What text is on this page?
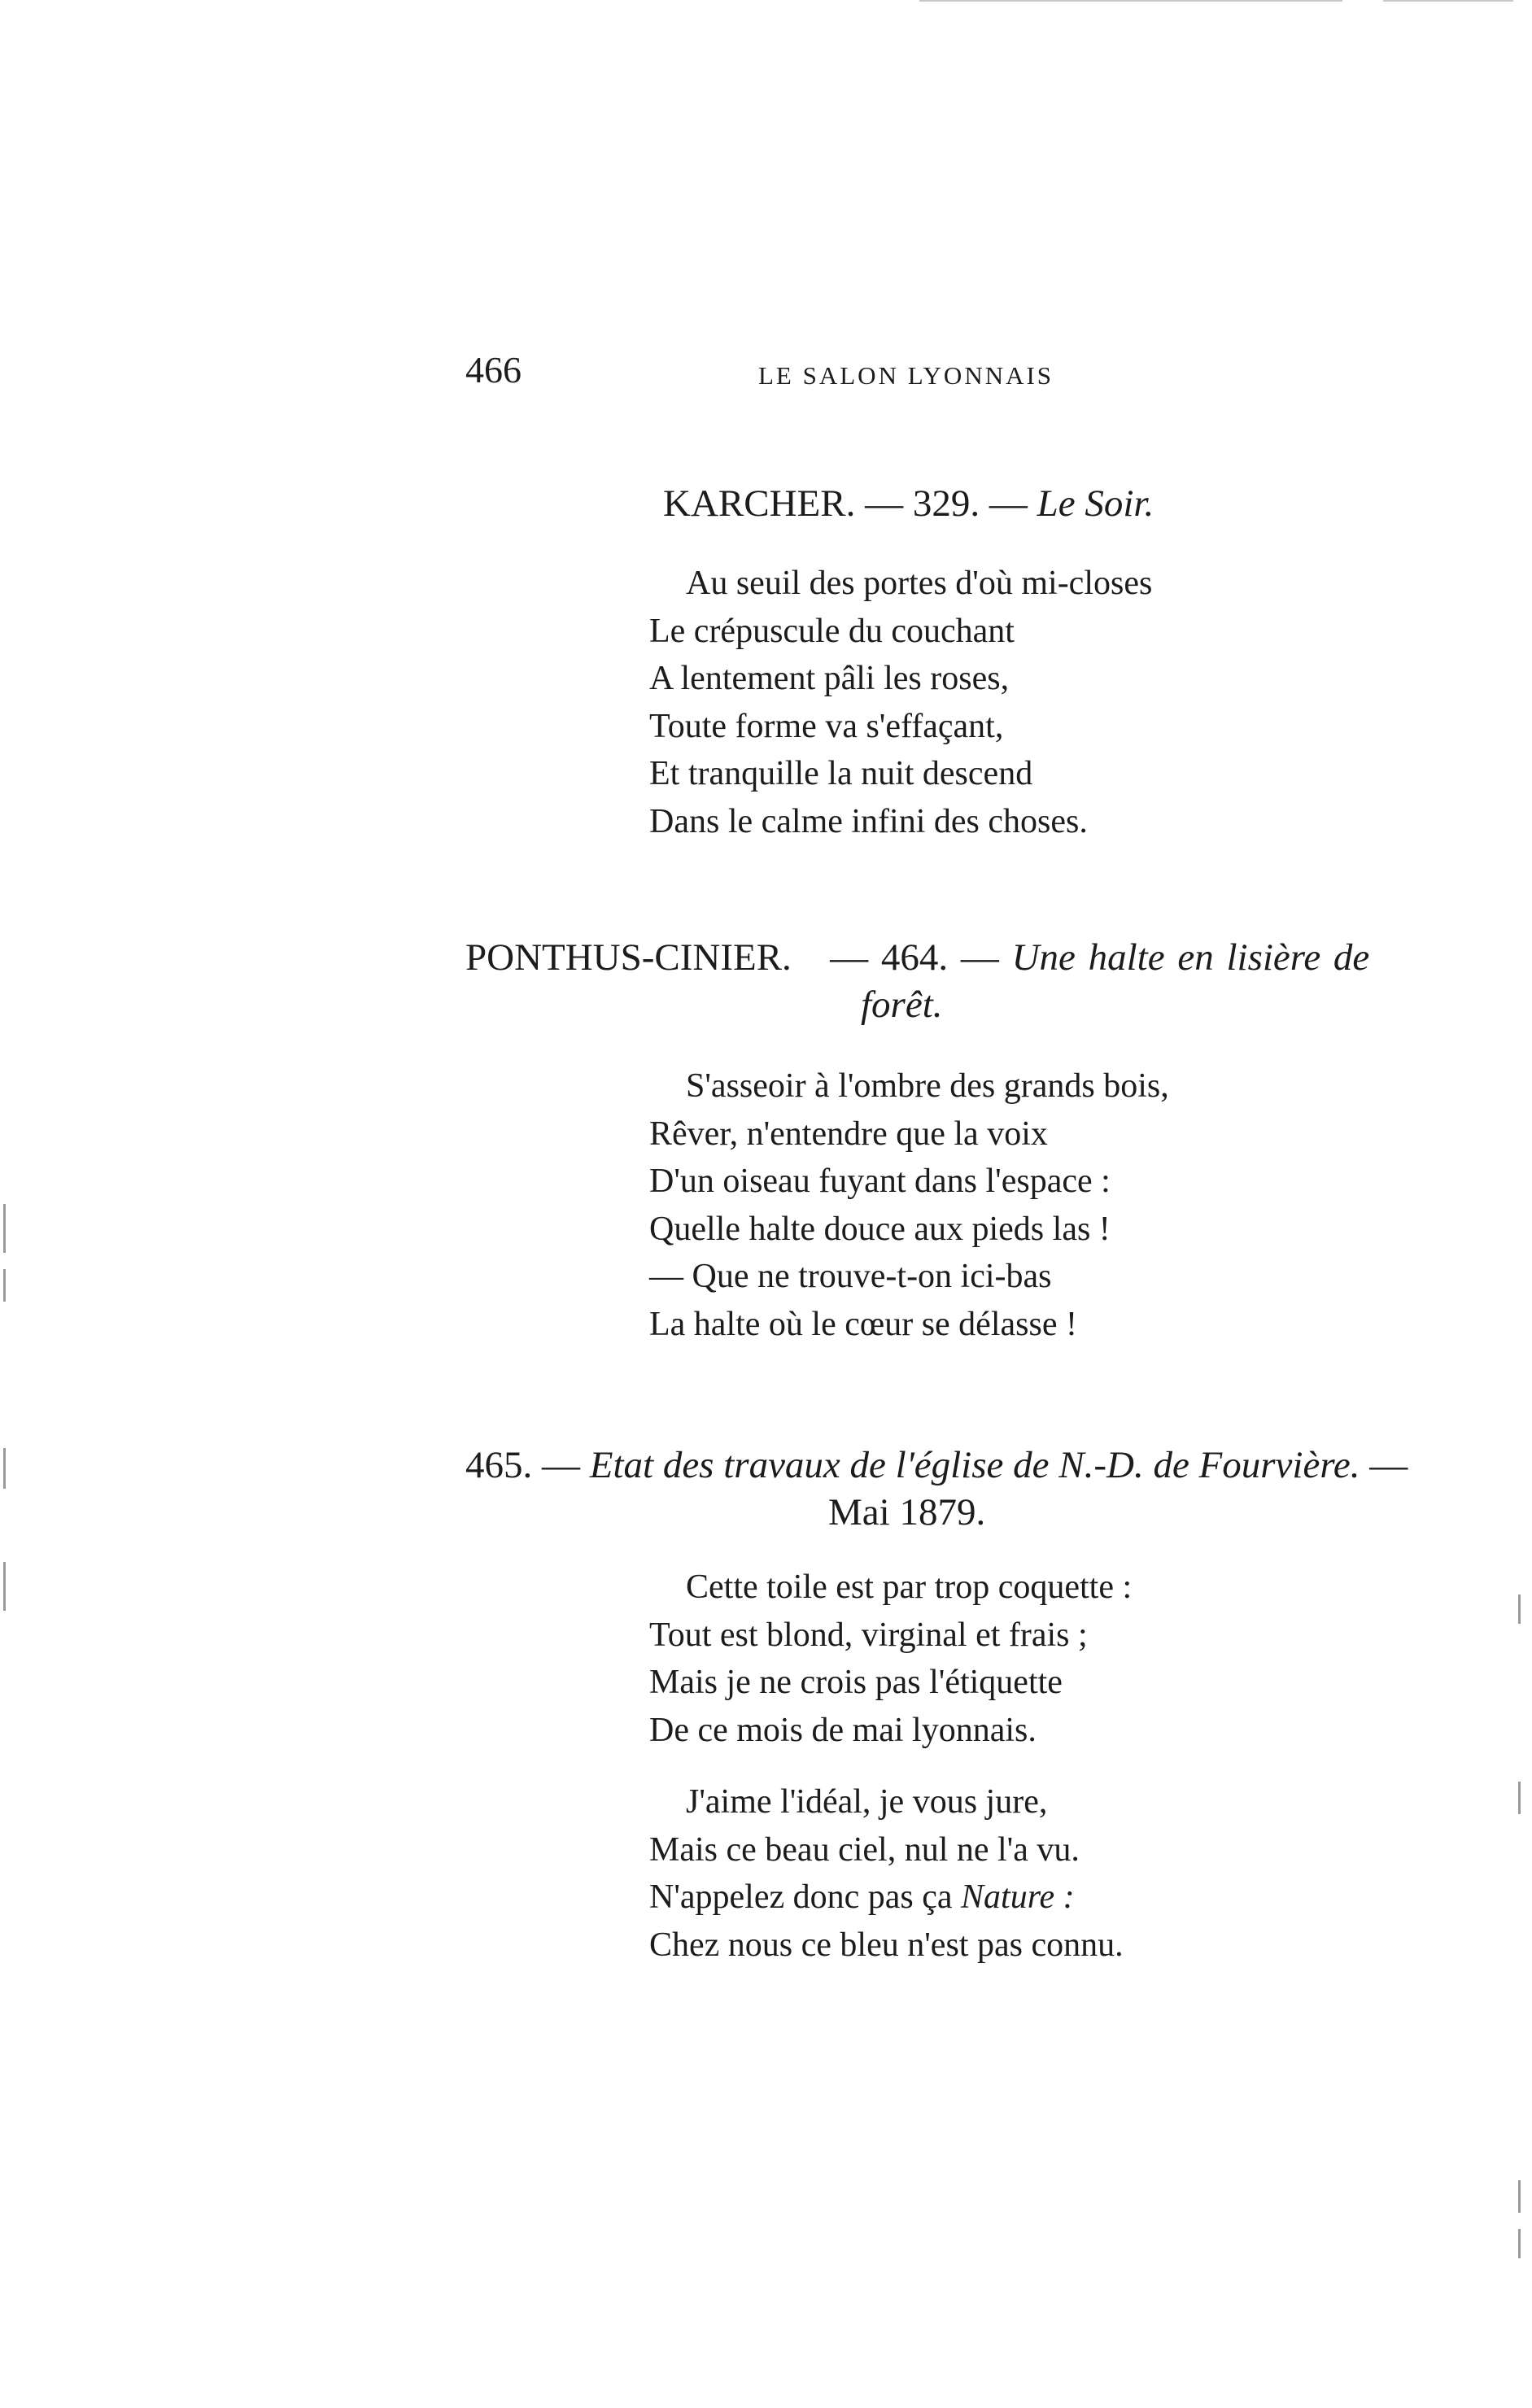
466	LE SALON LYONNAIS
KARCHER. — 329. — Le Soir.
Au seuil des portes d'où mi-closes
Le crépuscule du couchant
A lentement pâli les roses,
Toute forme va s'effaçant,
Et tranquille la nuit descend
Dans le calme infini des choses.
PONTHUS-CINIER.   — 464. — Une halte en lisière de
forêt.
S'asseoir à l'ombre des grands bois,
Rêver, n'entendre que la voix
D'un oiseau fuyant dans l'espace :
Quelle halte douce aux pieds las !
— Que ne trouve-t-on ici-bas
La halte où le cœur se délasse !
465. — Etat des travaux de l'église de N.-D. de Fourvière. —
Mai 1879.
Cette toile est par trop coquette :
Tout est blond, virginal et frais ;
Mais je ne crois pas l'étiquette
De ce mois de mai lyonnais.
J'aime l'idéal, je vous jure,
Mais ce beau ciel, nul ne l'a vu.
N'appelez donc pas ça Nature :
Chez nous ce bleu n'est pas connu.
